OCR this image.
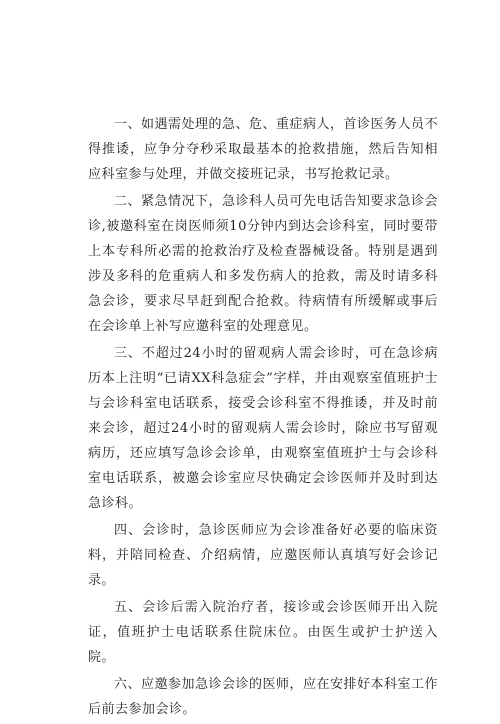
一、如遇需处理的急、危、重症病人，首诊医务人员不得推诿，应争分夺秒采取最基本的抢救措施，然后告知相应科室参与处理，并做交接班记录，书写抢救记录。

二、紧急情况下，急诊科人员可先电话告知要求急诊会诊,被邀科室在岗医师须10分钟内到达会诊科室，同时要带上本专科所必需的抢救治疗及检查器械设备。特别是遇到涉及多科的危重病人和多发伤病人的抢救，需及时请多科急会诊，要求尽早赶到配合抢救。待病情有所缓解或事后在会诊单上补写应邀科室的处理意见。

三、不超过24小时的留观病人需会诊时，可在急诊病历本上注明“已请XX科急症会”字样，并由观察室值班护士与会诊科室电话联系，接受会诊科室不得推诿，并及时前来会诊，超过24小时的留观病人需会诊时，除应书写留观病历，还应填写急诊会诊单，由观察室值班护士与会诊科室电话联系，被邀会诊室应尽快确定会诊医师并及时到达急诊科。

四、会诊时，急诊医师应为会诊准备好必要的临床资料，并陪同检查、介绍病情，应邀医师认真填写好会诊记录。

五、会诊后需入院治疗者，接诊或会诊医师开出入院证，值班护士电话联系住院床位。由医生或护士护送入院。

六、应邀参加急诊会诊的医师，应在安排好本科室工作后前去参加会诊。
